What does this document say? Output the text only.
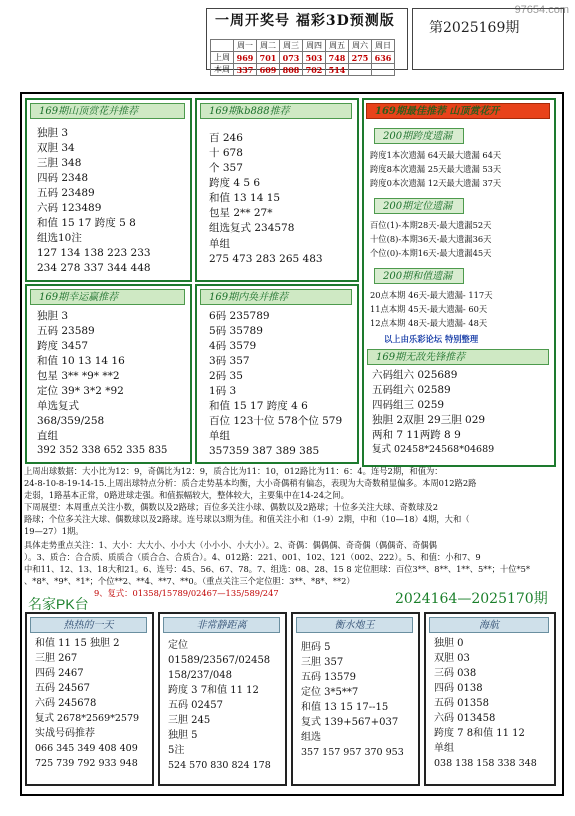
97654.com
一周开奖号 福彩3D预测版
	周一	周二	周三	周四	周五	周六	周日
上周	969	701	073	503	748	275	636
本周	337	609	808	702	514		
第2025169期
169期山顶赏花并推荐
独胆 3
双胆 34
三胆 348
四码 2348
五码 23489
六码 123489
和值 15 17 跨度 5 8
组选10注
127 134 138 223 233
234 278 337 344 448
169期kb888推荐
百 246
十 678
个 357
跨度 4 5 6
和值 13 14 15
包星 2** 27*
组选复式 234578
单组
275 473 283 265 483
169期最佳推荐 山顶赏花开
200期跨度遗漏
跨度1本次遗漏 64天最大遗漏 64天
跨度8本次遗漏 25天最大遗漏 53天
跨度0本次遗漏 12天最大遗漏 37天
200期定位遗漏
百位(1)-本期28天-最大遗漏52天
十位(8)-本期36天-最大遗漏36天
个位(0)-本期16天-最大遗漏45天
200期和值遗漏
20点本期 46天-最大遗漏- 117天
11点本期 45天-最大遗漏- 60天
12点本期 48天-最大遗漏- 48天
以上由乐彩论坛 特别整理
169期无敌先锋推荐
六码组六 025689
五码组六 02589
四码组三 0259
独胆 2双胆 29三胆 029
两和 7 11两跨 8 9
复式 02458*24568*04689
169期幸运赢推荐
独胆 3
五码 23589
跨度 3457
和值 10 13 14 16
包星 3** *9* **2
定位 39* 3*2 *92
单选复式
368/359/258
直组
392 352 338 652 335 835
169期内奂并推荐
6码 235789
5码 35789
4码 3579
3码 357
2码 35
1码 3
和值 15 17 跨度 4 6
百位 123十位 578个位 579
单组
357359 387 389 385
上周出球数据：大小比为12：9，奇偶比为12：9，质合比为11：10，012路比为11：6：4。连号2期，和值为：
24-8-10-8-19-14-15.上周出球特点分析：质合走势基本均衡，大小奇偶稍有偏态，表现为大奇数稍显偏多。本周012路2路
走弱，1路基本正常，0路进球走强。和值振幅较大，整体较大，主要集中在14-24之间。
下周展望：本周重点关注小数，偶数以及2路球；百位多关注小球、偶数以及2路球；十位多关注大球、奇数球及2
路球；个位多关注大球、偶数球以及2路球。连号球以3期为佳。和值关注小和（1-9）2期，中和（10—18）4期，大和（
19—27）1期。
具体走势重点关注：1、大小：大大小、小小大（小小小、小大小）。2、奇偶：偶偶偶、奇奇偶（偶偶奇、奇偶偶
）。3、质合：合合质、质质合（质合合、合质合）。4、012路：221、001、102、121（002、222）。5、和值：小和7、9
中和11、12、13、18大和21。6、连号：45、56、67、78。7、组选：08、28、15 8 定位胆球：百位3**、8**、1**、5**；十位*5*
、*8*、*9*、*1*；个位**2、**4、**7、**0。（重点关注三个定位胆：3**、*8*、**2）
9、复式：01358/15789/02467—135/589/247
名家PK台	2024164—2025170期
热热的一天
和值 11 15 独胆 2
三胆 267
四码 2467
五码 24567
六码 245678
复式 2678*2569*2579
实战号码推荐
066 345 349 408 409
725 739 792 933 948
非常静距离
定位
01589/23567/02458
158/237/048
跨度 3 7和值 11 12
五码 02457
三胆 245
独胆 5
5注
524 570 830 824 178
衡水炮王
胆码 5
三胆 357
五码 13579
定位 3*5**7
和值 13 15 17--15
复式 139+567+037
组选
357 157 957 370 953
海航
独胆 0
双胆 03
三码 038
四码 0138
五码 01358
六码 013458
跨度 7 8和值 11 12
单组
038 138 158 338 348
